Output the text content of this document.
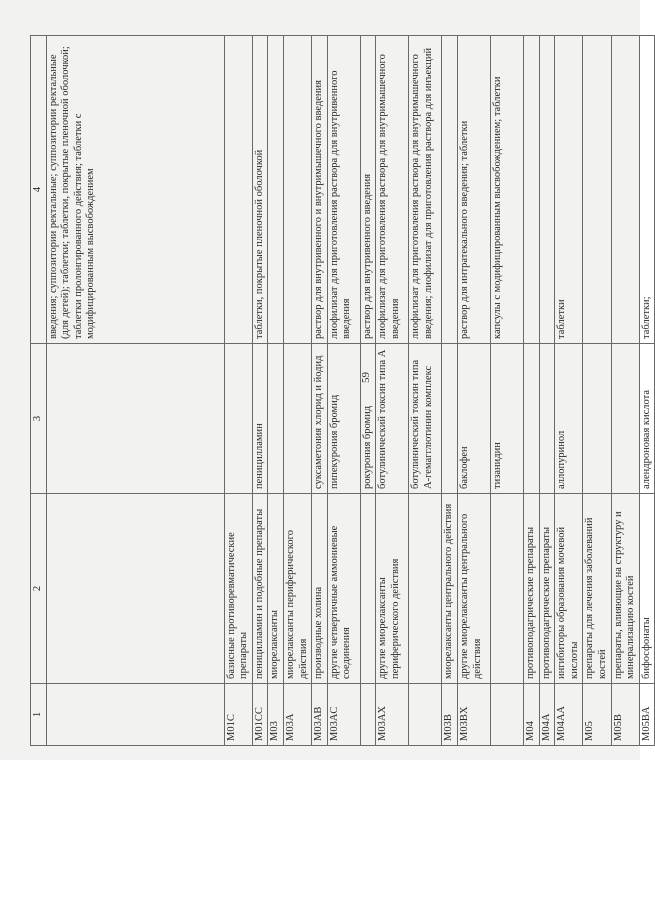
59
1	2	3	4
			введения; суппозитории ректальные; суппозитории ректальные (для детей); таблетки; таблетки, покрытые пленочной оболочкой; таблетки пролонгированного действия; таблетки с модифицированным высвобождением
M01C	базисные противоревматические препараты		
M01CC	пеницилламин и подобные препараты	пеницилламин	таблетки, покрытые пленочной оболочкой
M03	миорелаксанты		
M03A	миорелаксанты периферического действия		
M03AB	производные холина	суксаметония хлорид и йодид	раствор для внутривенного и внутримышечного введения
M03AC	другие четвертичные аммониевые соединения	пипекурония бромид	лиофилизат для приготовления раствора для внутривенного введения
		рокурония бромид	раствор для внутривенного введения
M03AX	другие миорелаксанты периферического действия	ботулинический токсин типа А	лиофилизат для приготовления раствора для внутримышечного введения
		ботулинический токсин типа А-гемагглютинин комплекс	лиофилизат для приготовления раствора для внутримышечного введения; лиофилизат для приготовления раствора для инъекций
M03B	миорелаксанты центрального действия		
M03BX	другие миорелаксанты центрального действия	баклофен	раствор для интратекального введения; таблетки
		тизанидин	капсулы с модифицированным высвобождением; таблетки
M04	противоподагрические препараты		
M04A	противоподагрические препараты		
M04AA	ингибиторы образования мочевой кислоты	аллопуринол	таблетки
M05	препараты для лечения заболеваний костей		
M05B	препараты, влияющие на структуру и минерализацию костей		
M05BA	бифосфонаты	алендроновая кислота	таблетки;
